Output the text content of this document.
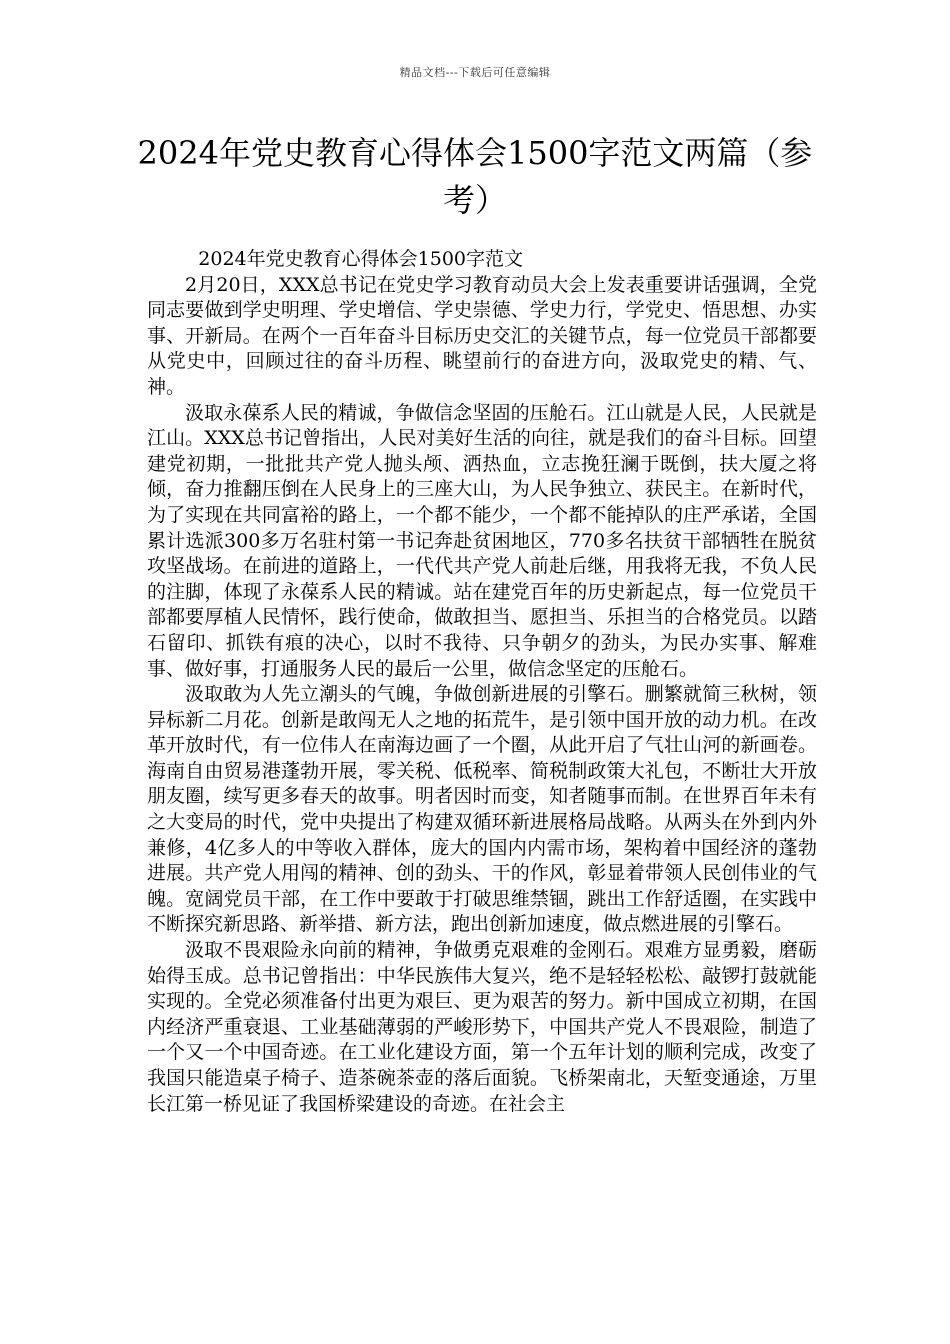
精品文档---下载后可任意编辑
2024年党史教育心得体会1500字范文两篇（参考）

2024年党史教育心得体会1500字范文

2月20日，XXX总书记在党史学习教育动员大会上发表重要讲话强调，全党同志要做到学史明理、学史增信、学史崇德、学史力行，学党史、悟思想、办实事、开新局。在两个一百年奋斗目标历史交汇的关键节点，每一位党员干部都要从党史中，回顾过往的奋斗历程、眺望前行的奋进方向，汲取党史的精、气、神。

汲取永葆系人民的精诚，争做信念坚固的压舱石。江山就是人民，人民就是江山。XXX总书记曾指出，人民对美好生活的向往，就是我们的奋斗目标。回望建党初期，一批批共产党人抛头颅、洒热血，立志挽狂澜于既倒，扶大厦之将倾，奋力推翻压倒在人民身上的三座大山，为人民争独立、获民主。在新时代，为了实现在共同富裕的路上，一个都不能少，一个都不能掉队的庄严承诺，全国累计选派300多万名驻村第一书记奔赴贫困地区，770多名扶贫干部牺牲在脱贫攻坚战场。在前进的道路上，一代代共产党人前赴后继，用我将无我，不负人民的注脚，体现了永葆系人民的精诚。站在建党百年的历史新起点，每一位党员干部都要厚植人民情怀，践行使命，做敢担当、愿担当、乐担当的合格党员。以踏石留印、抓铁有痕的决心，以时不我待、只争朝夕的劲头，为民办实事、解难事、做好事，打通服务人民的最后一公里，做信念坚定的压舱石。

汲取敢为人先立潮头的气魄，争做创新进展的引擎石。删繁就简三秋树，领异标新二月花。创新是敢闯无人之地的拓荒牛，是引领中国开放的动力机。在改革开放时代，有一位伟人在南海边画了一个圈，从此开启了气壮山河的新画卷。海南自由贸易港蓬勃开展，零关税、低税率、简税制政策大礼包，不断壮大开放朋友圈，续写更多春天的故事。明者因时而变，知者随事而制。在世界百年未有之大变局的时代，党中央提出了构建双循环新进展格局战略。从两头在外到内外兼修，4亿多人的中等收入群体，庞大的国内内需市场，架构着中国经济的蓬勃进展。共产党人用闯的精神、创的劲头、干的作风，彰显着带领人民创伟业的气魄。宽阔党员干部，在工作中要敢于打破思维禁锢，跳出工作舒适圈，在实践中不断探究新思路、新举措、新方法，跑出创新加速度，做点燃进展的引擎石。

汲取不畏艰险永向前的精神，争做勇克艰难的金刚石。艰难方显勇毅，磨砺始得玉成。总书记曾指出：中华民族伟大复兴，绝不是轻轻松松、敲锣打鼓就能实现的。全党必须准备付出更为艰巨、更为艰苦的努力。新中国成立初期，在国内经济严重衰退、工业基础薄弱的严峻形势下，中国共产党人不畏艰险，制造了一个又一个中国奇迹。在工业化建设方面，第一个五年计划的顺利完成，改变了我国只能造桌子椅子、造茶碗茶壶的落后面貌。飞桥架南北，天堑变通途，万里长江第一桥见证了我国桥梁建设的奇迹。在社会主
